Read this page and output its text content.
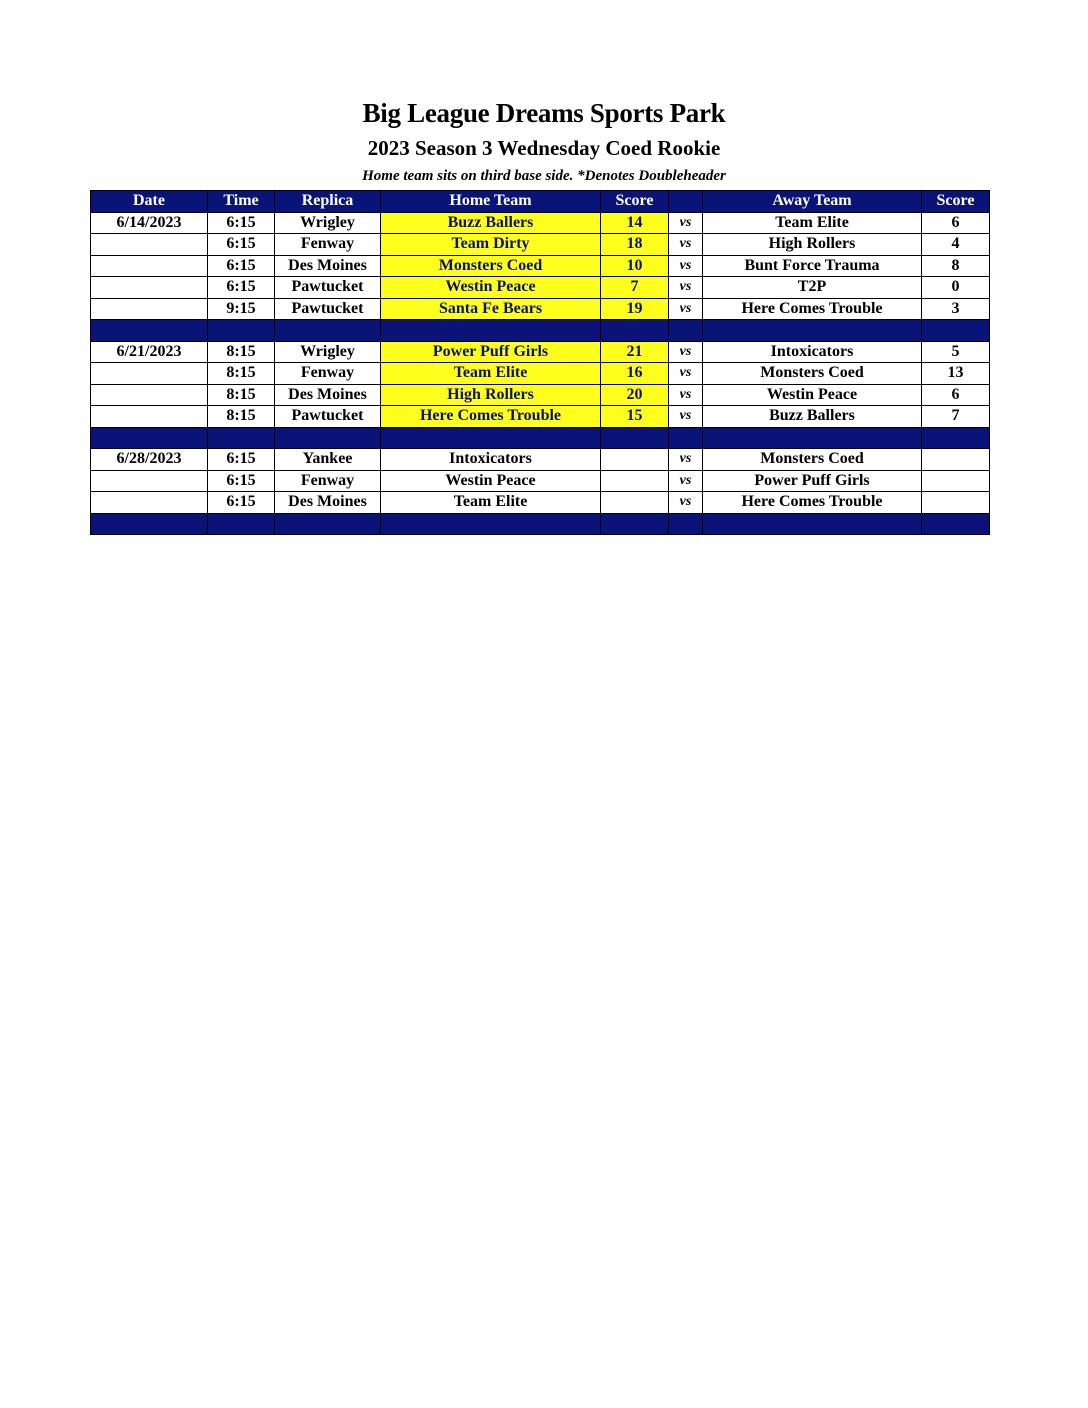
Big League Dreams Sports Park
2023 Season 3 Wednesday Coed Rookie
Home team sits on third base side. *Denotes Doubleheader
Date	Time	Replica	Home Team	Score		Away Team	Score
6/14/2023	6:15	Wrigley	Buzz Ballers	14	vs	Team Elite	6
	6:15	Fenway	Team Dirty	18	vs	High Rollers	4
	6:15	Des Moines	Monsters Coed	10	vs	Bunt Force Trauma	8
	6:15	Pawtucket	Westin Peace	7	vs	T2P	0
	9:15	Pawtucket	Santa Fe Bears	19	vs	Here Comes Trouble	3

6/21/2023	8:15	Wrigley	Power Puff Girls	21	vs	Intoxicators	5
	8:15	Fenway	Team Elite	16	vs	Monsters Coed	13
	8:15	Des Moines	High Rollers	20	vs	Westin Peace	6
	8:15	Pawtucket	Here Comes Trouble	15	vs	Buzz Ballers	7

6/28/2023	6:15	Yankee	Intoxicators		vs	Monsters Coed	
	6:15	Fenway	Westin Peace		vs	Power Puff Girls	
	6:15	Des Moines	Team Elite		vs	Here Comes Trouble	
